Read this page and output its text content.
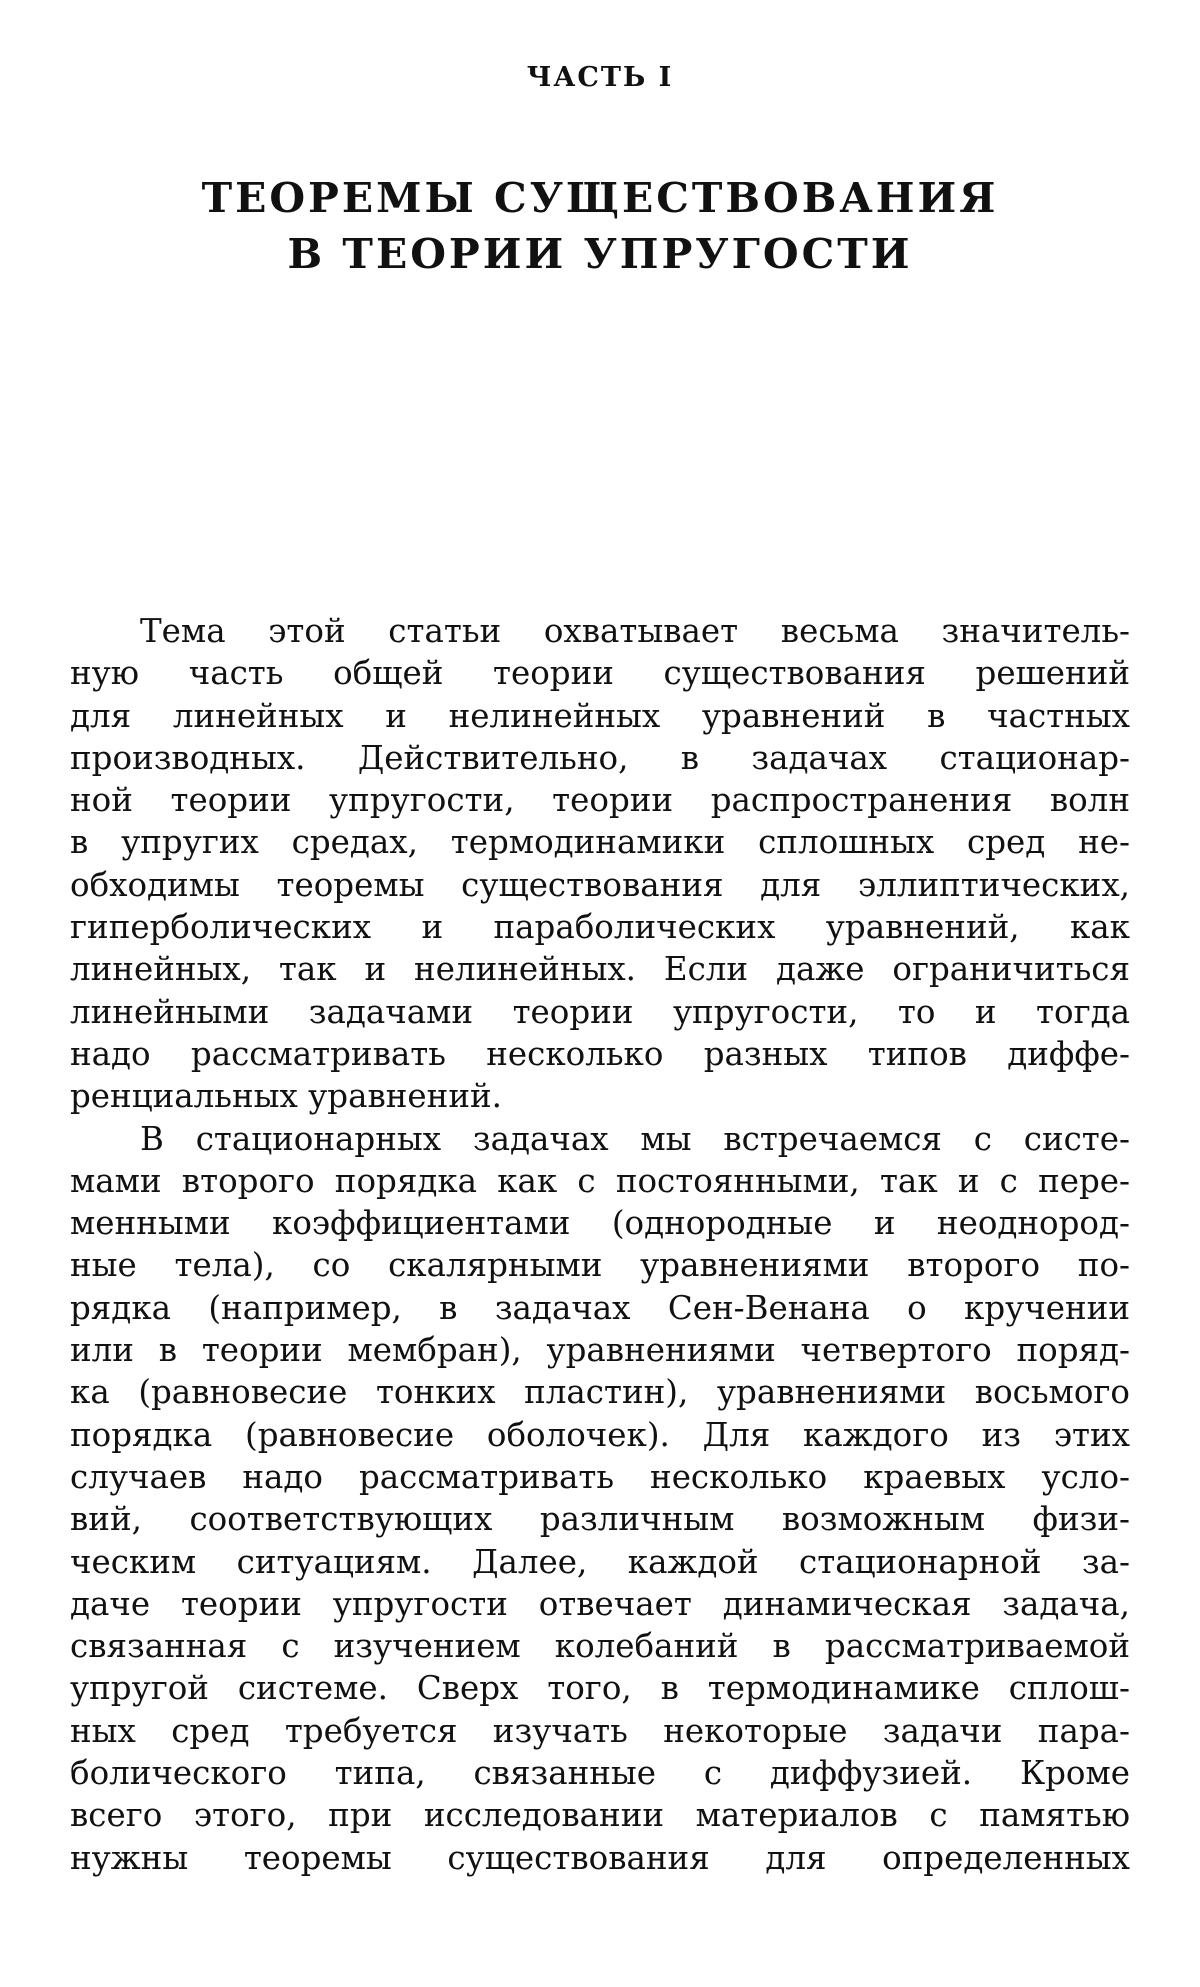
ЧАСТЬ I
ТЕОРЕМЫ СУЩЕСТВОВАНИЯ
В ТЕОРИИ УПРУГОСТИ
Тема этой статьи охватывает весьма значитель-
ную часть общей теории существования решений
для линейных и нелинейных уравнений в частных
производных. Действительно, в задачах стационар-
ной теории упругости, теории распространения волн
в упругих средах, термодинамики сплошных сред не-
обходимы теоремы существования для эллиптических,
гиперболических и параболических уравнений, как
линейных, так и нелинейных. Если даже ограничиться
линейными задачами теории упругости, то и тогда
надо рассматривать несколько разных типов диффе-
ренциальных уравнений.
В стационарных задачах мы встречаемся с систе-
мами второго порядка как с постоянными, так и с пере-
менными коэффициентами (однородные и неоднород-
ные тела), со скалярными уравнениями второго по-
рядка (например, в задачах Сен-Венана о кручении
или в теории мембран), уравнениями четвертого поряд-
ка (равновесие тонких пластин), уравнениями восьмого
порядка (равновесие оболочек). Для каждого из этих
случаев надо рассматривать несколько краевых усло-
вий, соответствующих различным возможным физи-
ческим ситуациям. Далее, каждой стационарной за-
даче теории упругости отвечает динамическая задача,
связанная с изучением колебаний в рассматриваемой
упругой системе. Сверх того, в термодинамике сплош-
ных сред требуется изучать некоторые задачи пара-
болического типа, связанные с диффузией. Кроме
всего этого, при исследовании материалов с памятью
нужны теоремы существования для определенных
